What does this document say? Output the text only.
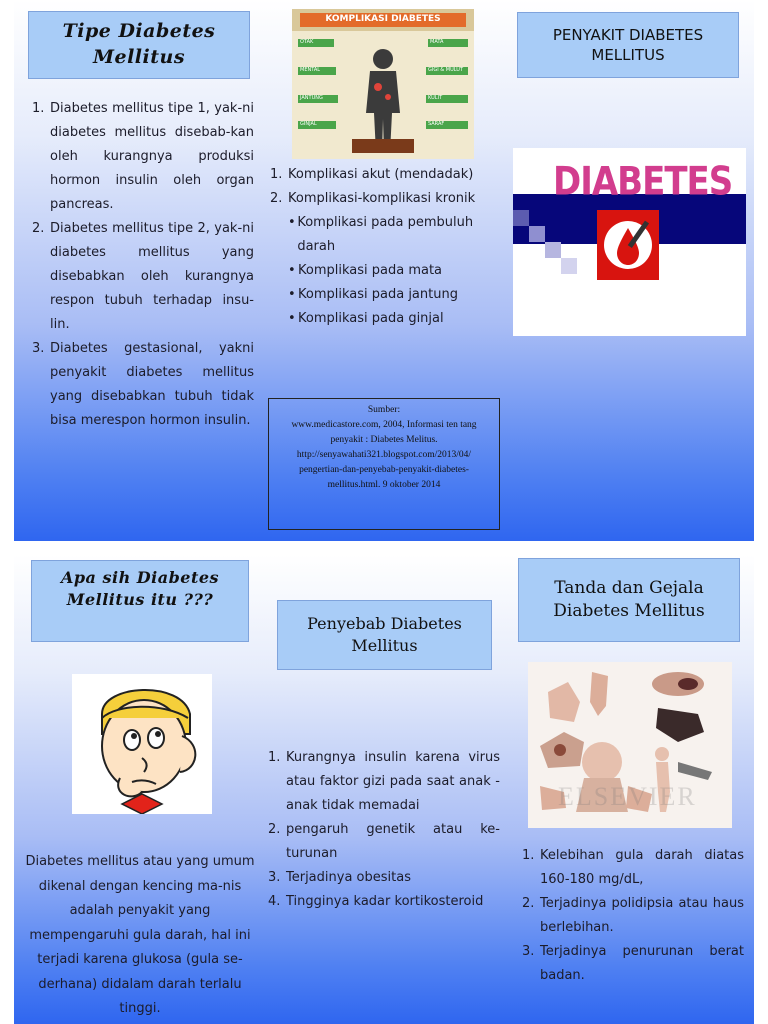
Tipe Diabetes Mellitus
1. Diabetes mellitus tipe 1, yak-ni diabetes mellitus disebab-kan oleh kurangnya produksi hormon insulin oleh organ pancreas.
2. Diabetes mellitus tipe 2, yak-ni diabetes mellitus yang disebabkan oleh kurangnya respon tubuh terhadap insu-lin.
3. Diabetes gestasional, yakni penyakit diabetes mellitus yang disebabkan tubuh tidak bisa merespon hormon insulin.
KOMPLIKASI DIABETES
OTAK	MATA
MENTAL	GIGI & MULUT
JANTUNG	KULIT
GINJAL	SARAF
1. Komplikasi akut (mendadak)
2. Komplikasi-komplikasi kronik
• Komplikasi pada pembuluh darah
• Komplikasi pada mata
• Komplikasi pada jantung
• Komplikasi pada ginjal
Sumber:
www.medicastore.com, 2004, Informasi ten tang penyakit : Diabetes Melitus.
http://senyawahati321.blogspot.com/2013/04/ pengertian-dan-penyebab-penyakit-diabetes-mellitus.html. 9 oktober 2014
PENYAKIT DIABETES MELLITUS
DIABETES
Apa sih Diabetes Mellitus itu ???
Diabetes mellitus atau yang umum dikenal dengan kencing ma-nis adalah penyakit yang mempengaruhi gula darah, hal ini terjadi karena glukosa (gula se-derhana) didalam darah terlalu tinggi.
Penyebab Diabetes Mellitus
1. Kurangnya insulin karena virus atau faktor gizi pada saat anak -anak tidak memadai
2. pengaruh genetik atau ke-turunan
3. Terjadinya obesitas
4. Tingginya kadar kortikosteroid
Tanda dan Gejala Diabetes Mellitus
ELSEVIER
1. Kelebihan gula darah diatas 160-180 mg/dL,
2. Terjadinya polidipsia atau haus berlebihan.
3. Terjadinya penurunan berat badan.
